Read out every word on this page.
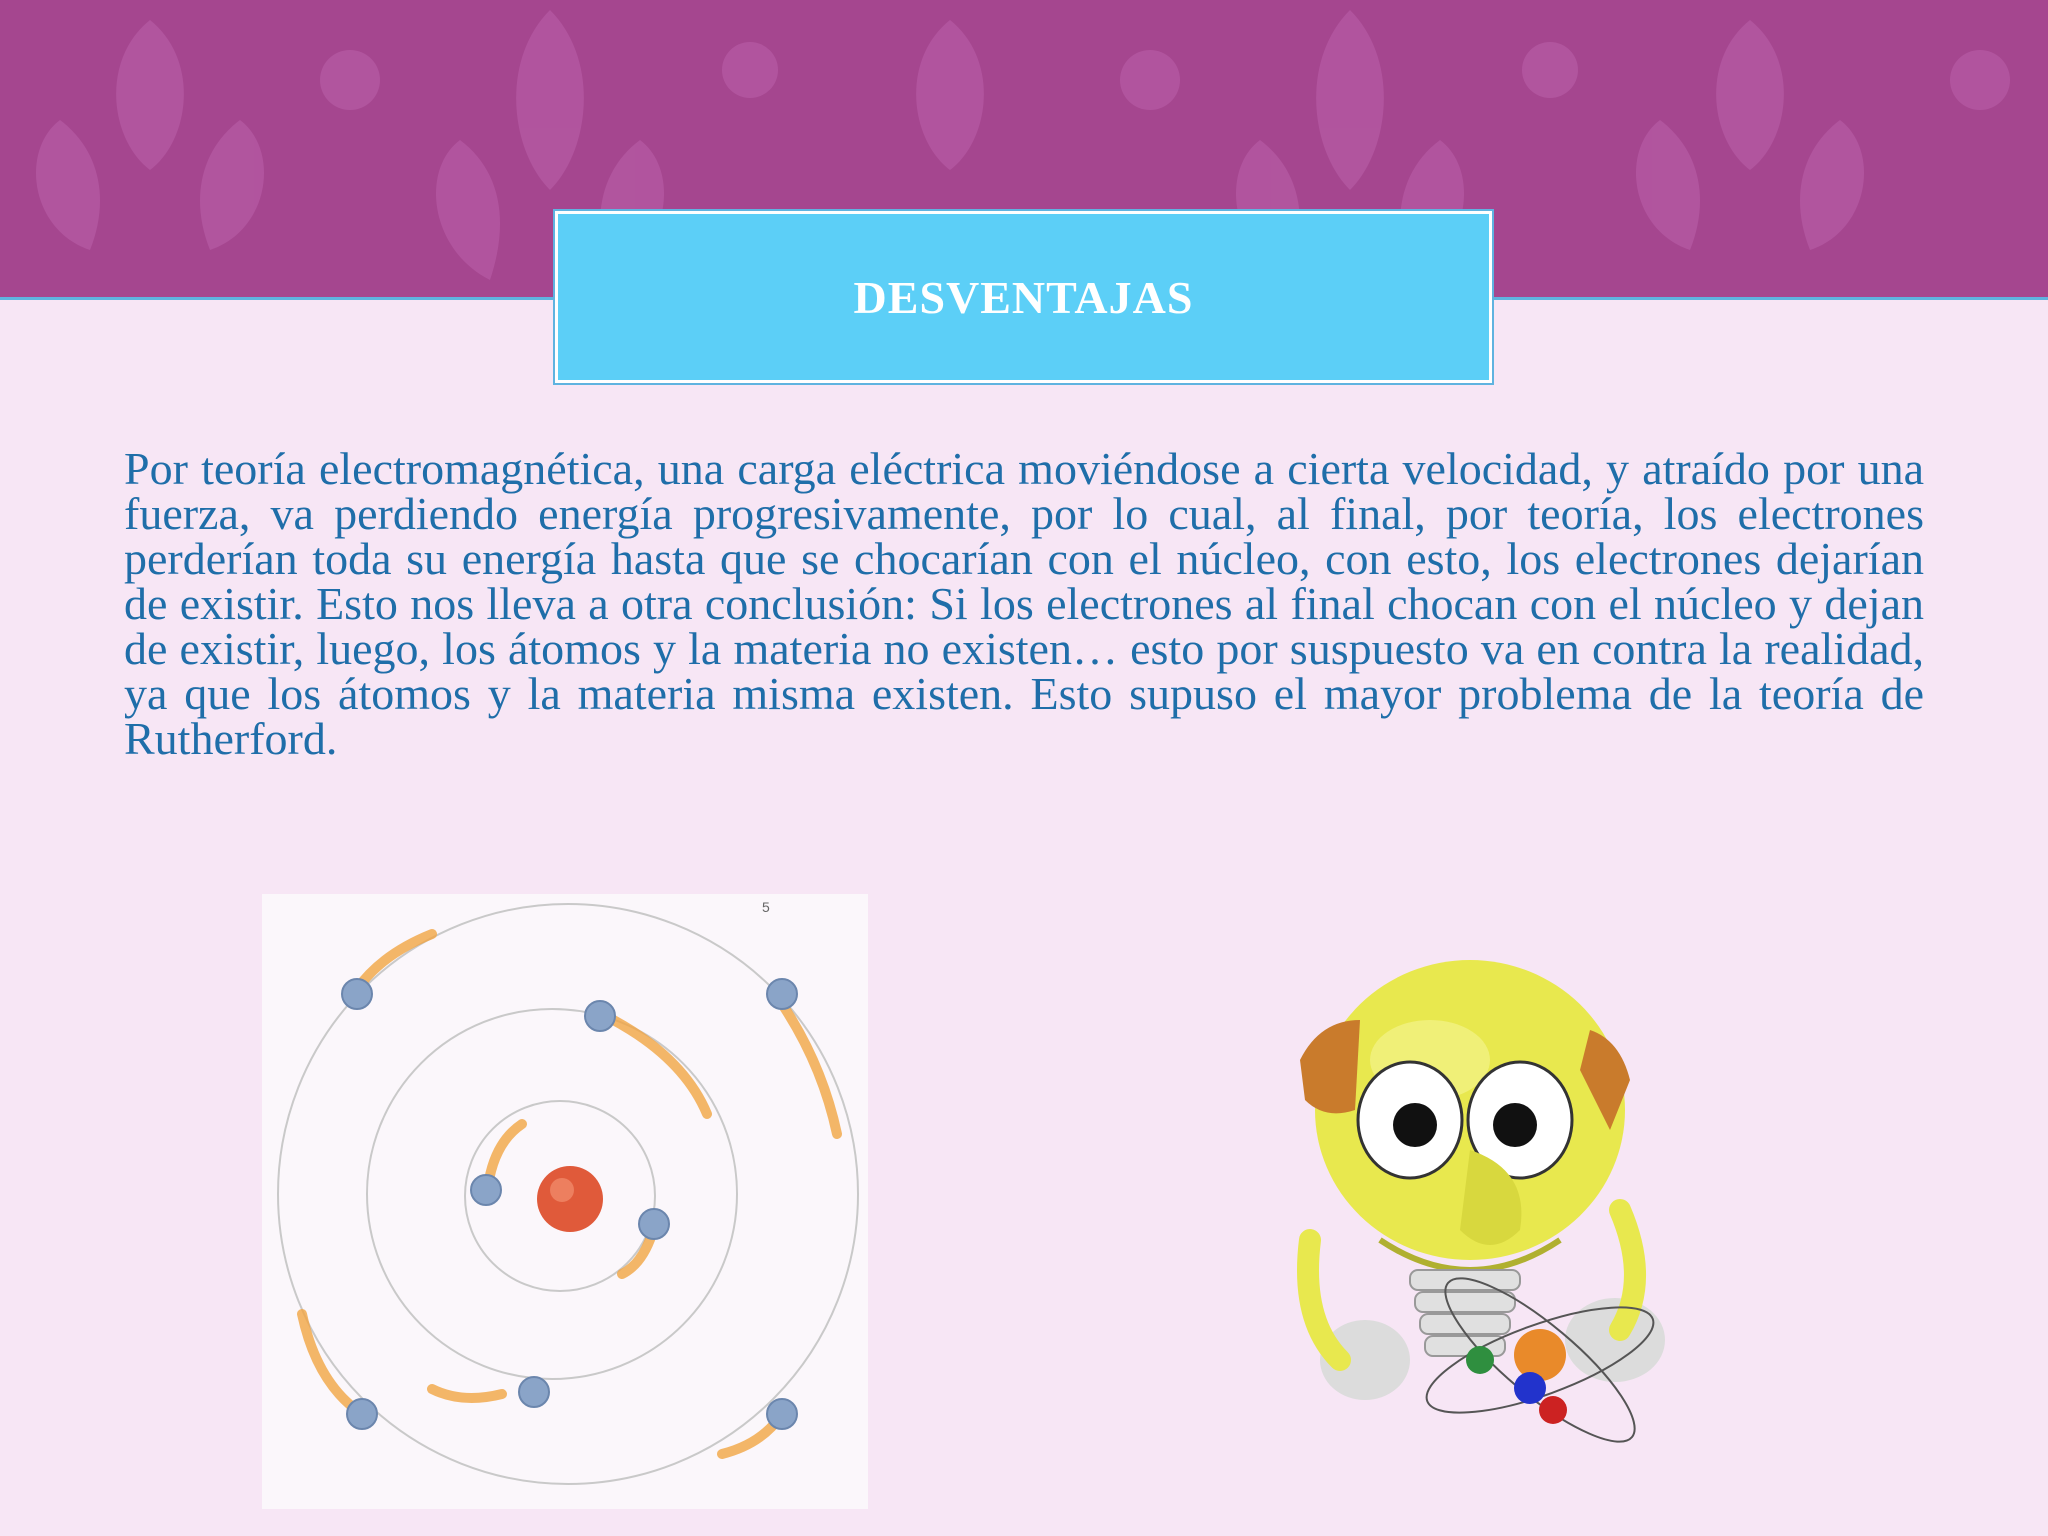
DESVENTAJAS

Por teoría electromagnética, una carga eléctrica moviéndose a cierta velocidad, y atraído por una fuerza, va perdiendo energía progresivamente, por lo cual, al final, por teoría, los electrones perderían toda su energía hasta que se chocarían con el núcleo, con esto, los electrones dejarían de existir. Esto nos lleva a otra conclusión: Si los electrones al final chocan con el núcleo y dejan de existir, luego, los átomos y la materia no existen… esto por suspuesto va en contra la realidad, ya que los átomos y la materia misma existen. Esto supuso el mayor problema de la teoría de Rutherford.

5
